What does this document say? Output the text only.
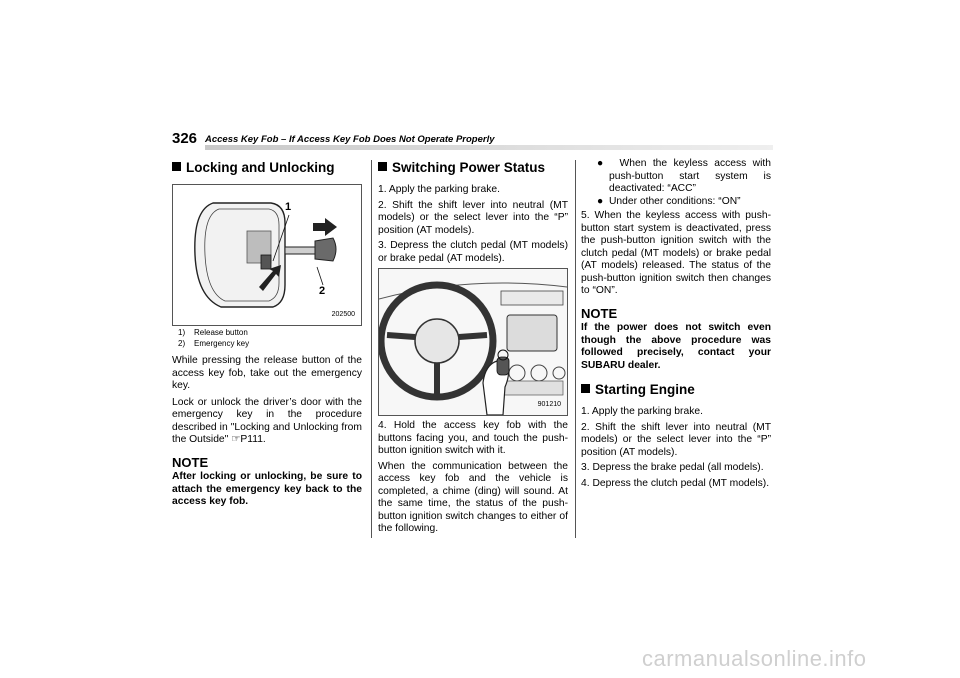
326 Access Key Fob – If Access Key Fob Does Not Operate Properly
Locking and Unlocking
1
2
202500
1) Release button
2) Emergency key
While pressing the release button of the access key fob, take out the emergency key.
Lock or unlock the driver’s door with the emergency key in the procedure described in "Locking and Unlocking from the Outside" ☞P111.
NOTE
After locking or unlocking, be sure to attach the emergency key back to the access key fob.
Switching Power Status
1. Apply the parking brake.
2. Shift the shift lever into neutral (MT models) or the select lever into the “P” position (AT models).
3. Depress the clutch pedal (MT models) or brake pedal (AT models).
901210
4. Hold the access key fob with the buttons facing you, and touch the push-button ignition switch with it.
When the communication between the access key fob and the vehicle is completed, a chime (ding) will sound. At the same time, the status of the push-button ignition switch changes to either of the following.
●  When the keyless access with push-button start system is deactivated: “ACC”
●  Under other conditions: “ON”
5. When the keyless access with push-button start system is deactivated, press the push-button ignition switch with the clutch pedal (MT models) or brake pedal (AT models) released. The status of the push-button ignition switch then changes to “ON”.
NOTE
If the power does not switch even though the above procedure was followed precisely, contact your SUBARU dealer.
Starting Engine
1. Apply the parking brake.
2. Shift the shift lever into neutral (MT models) or the select lever into the “P” position (AT models).
3. Depress the brake pedal (all models).
4. Depress the clutch pedal (MT models).
carmanualsonline.info
